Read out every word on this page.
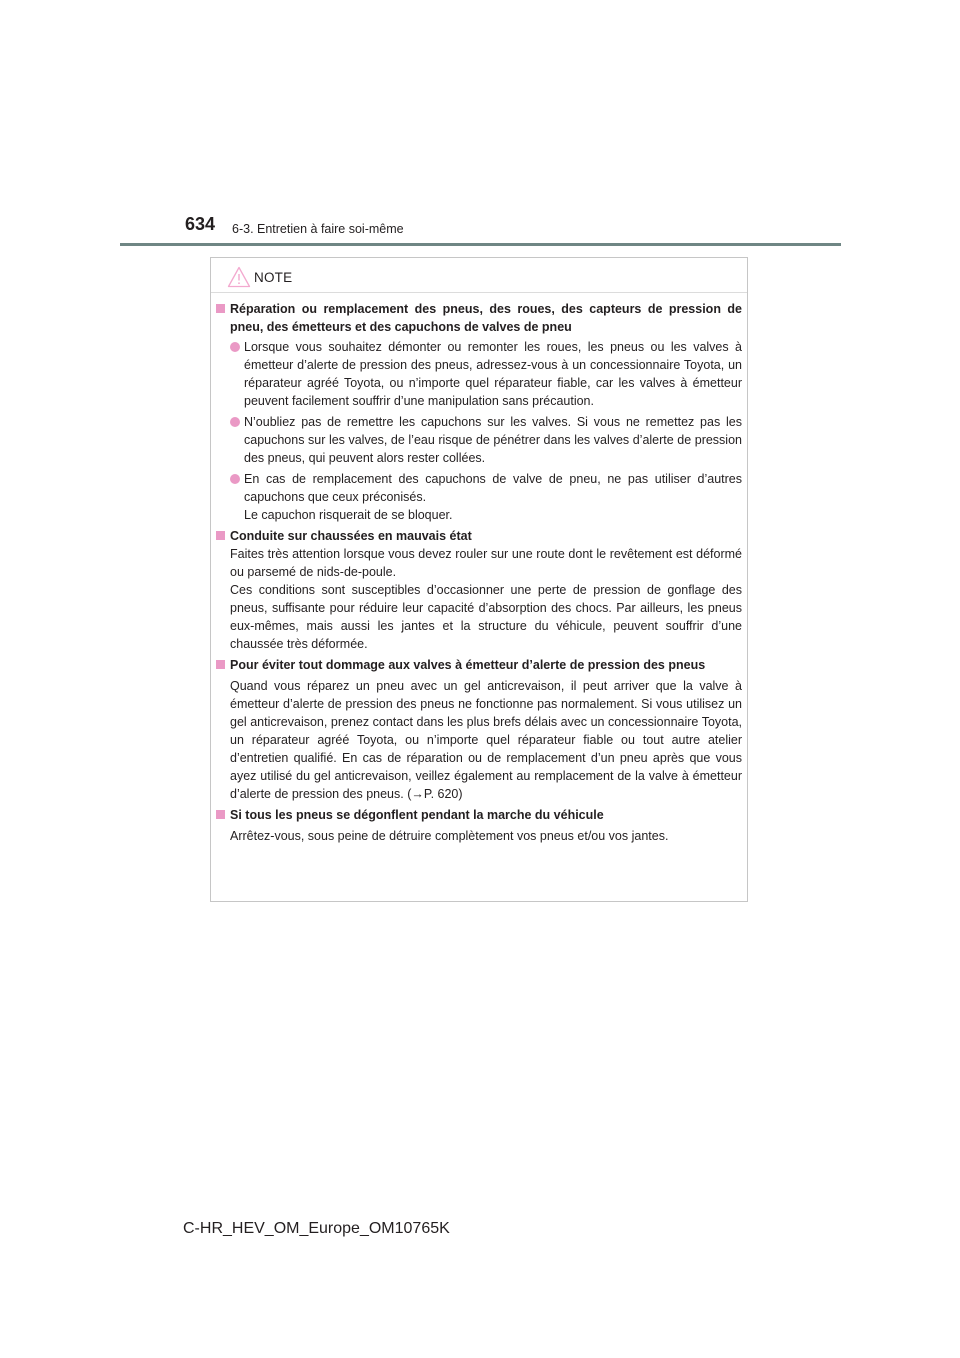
634 6-3. Entretien à faire soi-même
NOTE
Réparation ou remplacement des pneus, des roues, des capteurs de pression de pneu, des émetteurs et des capuchons de valves de pneu
Lorsque vous souhaitez démonter ou remonter les roues, les pneus ou les valves à émetteur d’alerte de pression des pneus, adressez-vous à un concessionnaire Toyota, un réparateur agréé Toyota, ou n’importe quel réparateur fiable, car les valves à émetteur peuvent facilement souffrir d’une manipulation sans précaution.
N’oubliez pas de remettre les capuchons sur les valves. Si vous ne remettez pas les capuchons sur les valves, de l’eau risque de pénétrer dans les valves d’alerte de pression des pneus, qui peuvent alors rester collées.
En cas de remplacement des capuchons de valve de pneu, ne pas utiliser d’autres capuchons que ceux préconisés.
Le capuchon risquerait de se bloquer.
Conduite sur chaussées en mauvais état
Faites très attention lorsque vous devez rouler sur une route dont le revêtement est déformé ou parsemé de nids-de-poule.
Ces conditions sont susceptibles d’occasionner une perte de pression de gonflage des pneus, suffisante pour réduire leur capacité d’absorption des chocs. Par ailleurs, les pneus eux-mêmes, mais aussi les jantes et la structure du véhicule, peuvent souffrir d’une chaussée très déformée.
Pour éviter tout dommage aux valves à émetteur d’alerte de pression des pneus
Quand vous réparez un pneu avec un gel anticrevaison, il peut arriver que la valve à émetteur d’alerte de pression des pneus ne fonctionne pas normalement. Si vous utilisez un gel anticrevaison, prenez contact dans les plus brefs délais avec un concessionnaire Toyota, un réparateur agréé Toyota, ou n’importe quel réparateur fiable ou tout autre atelier d’entretien qualifié. En cas de réparation ou de remplacement d’un pneu après que vous ayez utilisé du gel anticrevaison, veillez également au remplacement de la valve à émetteur d’alerte de pression des pneus. (→P. 620)
Si tous les pneus se dégonflent pendant la marche du véhicule
Arrêtez-vous, sous peine de détruire complètement vos pneus et/ou vos jantes.
C-HR_HEV_OM_Europe_OM10765K
